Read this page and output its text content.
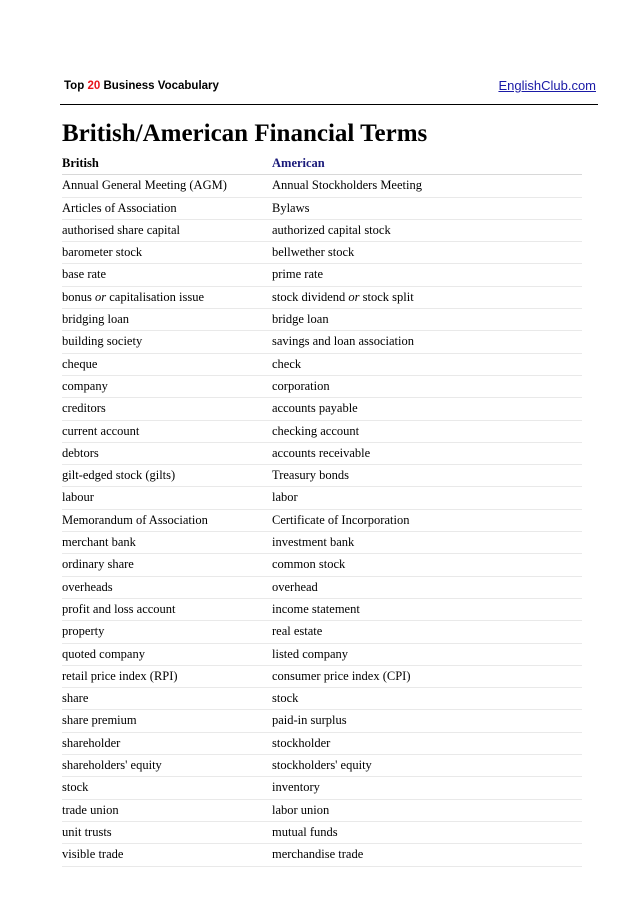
Top 20 Business Vocabulary	EnglishClub.com
British/American Financial Terms
British	American
Annual General Meeting (AGM)	Annual Stockholders Meeting
Articles of Association	Bylaws
authorised share capital	authorized capital stock
barometer stock	bellwether stock
base rate	prime rate
bonus or capitalisation issue	stock dividend or stock split
bridging loan	bridge loan
building society	savings and loan association
cheque	check
company	corporation
creditors	accounts payable
current account	checking account
debtors	accounts receivable
gilt-edged stock (gilts)	Treasury bonds
labour	labor
Memorandum of Association	Certificate of Incorporation
merchant bank	investment bank
ordinary share	common stock
overheads	overhead
profit and loss account	income statement
property	real estate
quoted company	listed company
retail price index (RPI)	consumer price index (CPI)
share	stock
share premium	paid-in surplus
shareholder	stockholder
shareholders' equity	stockholders' equity
stock	inventory
trade union	labor union
unit trusts	mutual funds
visible trade	merchandise trade
